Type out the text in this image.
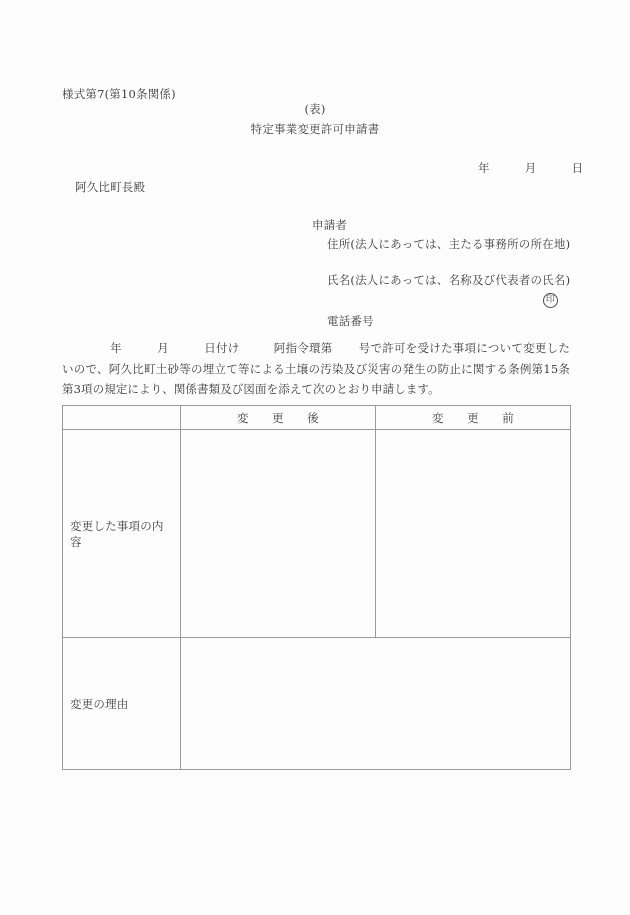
様式第7(第10条関係)
(表)
特定事業変更許可申請書
年　　　月　　　日
阿久比町長殿
申請者
住所(法人にあっては、主たる事務所の所在地)
氏名(法人にあっては、名称及び代表者の氏名)
印
電話番号
年　　　月　　　日付け	阿指令環第 号で許可を受けた事項について変更したいので、阿久比町土砂等の埋立て等による土壌の汚染及び災害の発生の防止に関する条例第15条第3項の規定により、関係書類及び図面を添えて次のとおり申請します。
	変　　更　　後	変　　更　　前
変更した事項の内容		
変更の理由		
